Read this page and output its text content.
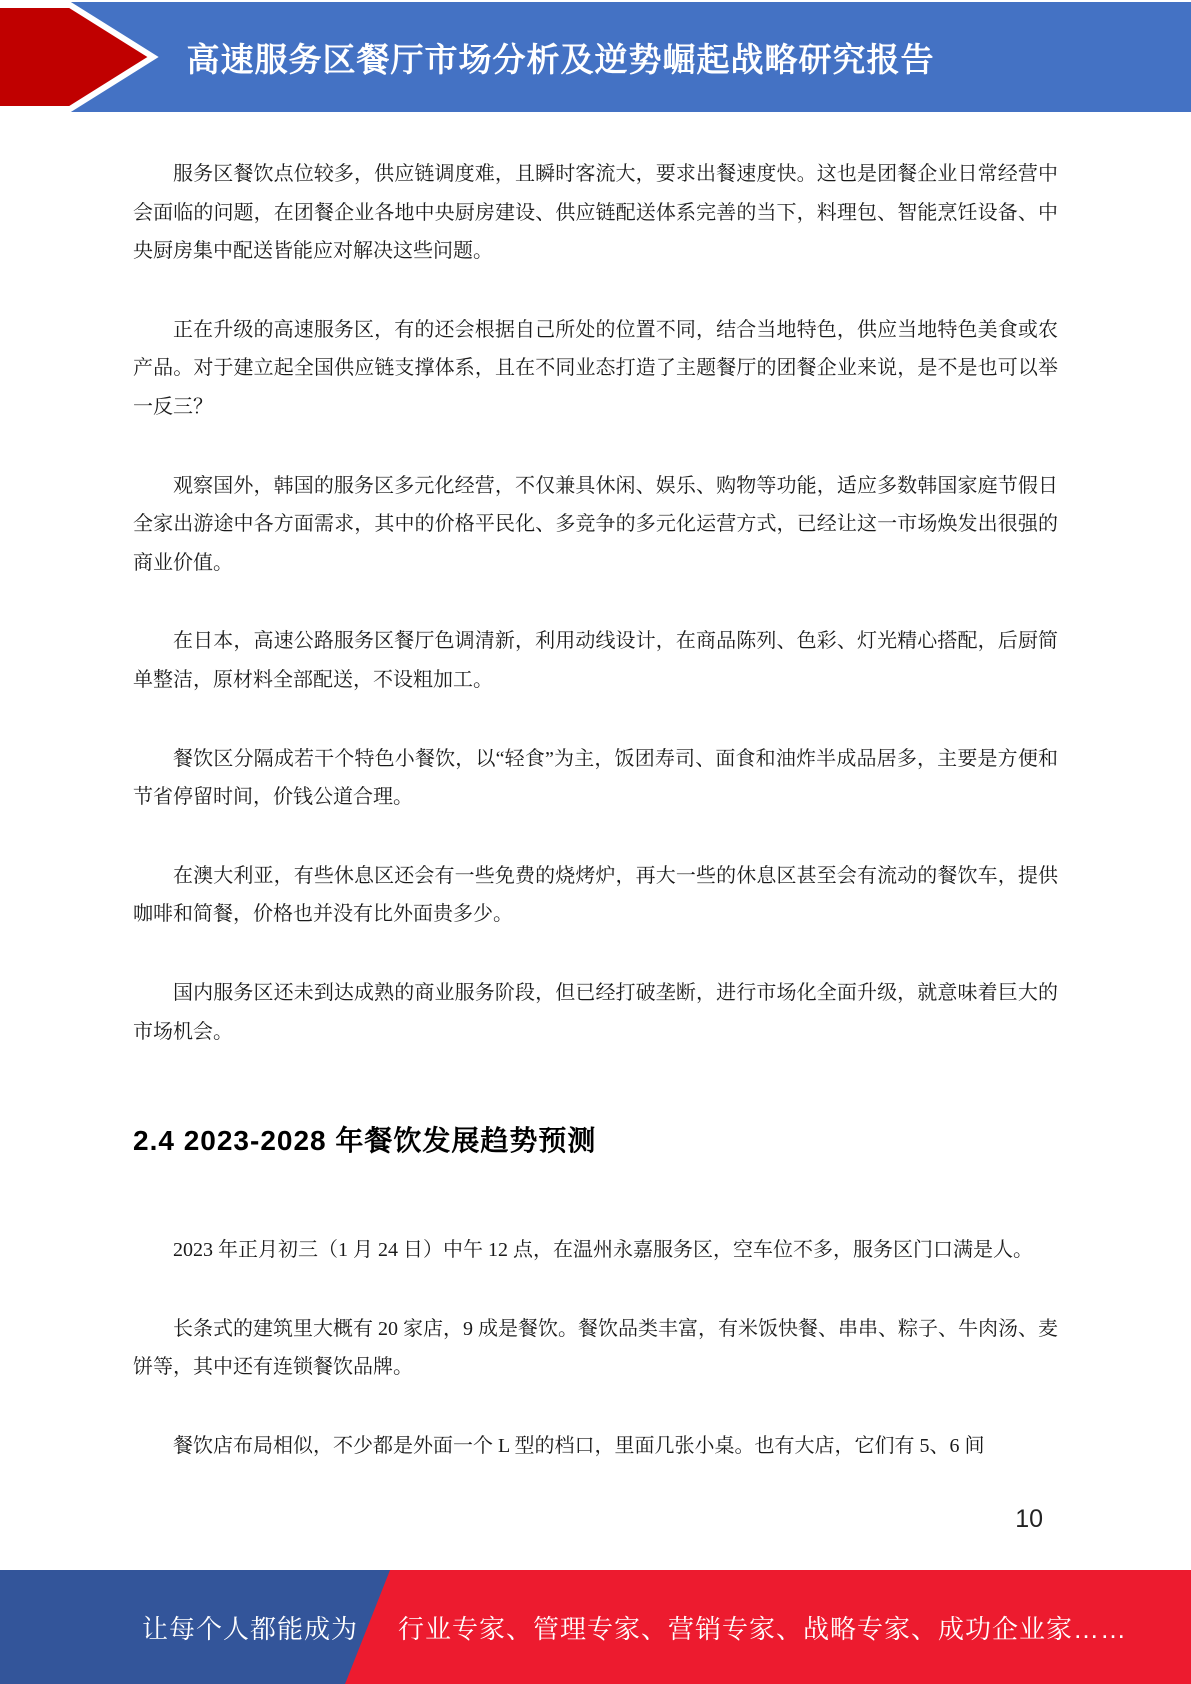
高速服务区餐厅市场分析及逆势崛起战略研究报告

服务区餐饮点位较多，供应链调度难，且瞬时客流大，要求出餐速度快。这也是团餐企业日常经营中会面临的问题，在团餐企业各地中央厨房建设、供应链配送体系完善的当下，料理包、智能烹饪设备、中央厨房集中配送皆能应对解决这些问题。

正在升级的高速服务区，有的还会根据自己所处的位置不同，结合当地特色，供应当地特色美食或农产品。对于建立起全国供应链支撑体系，且在不同业态打造了主题餐厅的团餐企业来说，是不是也可以举一反三？

观察国外，韩国的服务区多元化经营，不仅兼具休闲、娱乐、购物等功能，适应多数韩国家庭节假日全家出游途中各方面需求，其中的价格平民化、多竞争的多元化运营方式，已经让这一市场焕发出很强的商业价值。

在日本，高速公路服务区餐厅色调清新，利用动线设计，在商品陈列、色彩、灯光精心搭配，后厨简单整洁，原材料全部配送，不设粗加工。

餐饮区分隔成若干个特色小餐饮，以“轻食”为主，饭团寿司、面食和油炸半成品居多，主要是方便和节省停留时间，价钱公道合理。

在澳大利亚，有些休息区还会有一些免费的烧烤炉，再大一些的休息区甚至会有流动的餐饮车，提供咖啡和简餐，价格也并没有比外面贵多少。

国内服务区还未到达成熟的商业服务阶段，但已经打破垄断，进行市场化全面升级，就意味着巨大的市场机会。

2.4 2023-2028 年餐饮发展趋势预测

2023 年正月初三（1 月 24 日）中午 12 点，在温州永嘉服务区，空车位不多，服务区门口满是人。

长条式的建筑里大概有 20 家店，9 成是餐饮。餐饮品类丰富，有米饭快餐、串串、粽子、牛肉汤、麦饼等，其中还有连锁餐饮品牌。

餐饮店布局相似，不少都是外面一个 L 型的档口，里面几张小桌。也有大店，它们有 5、6 间

10
让每个人都能成为 行业专家、管理专家、营销专家、战略专家、成功企业家……
